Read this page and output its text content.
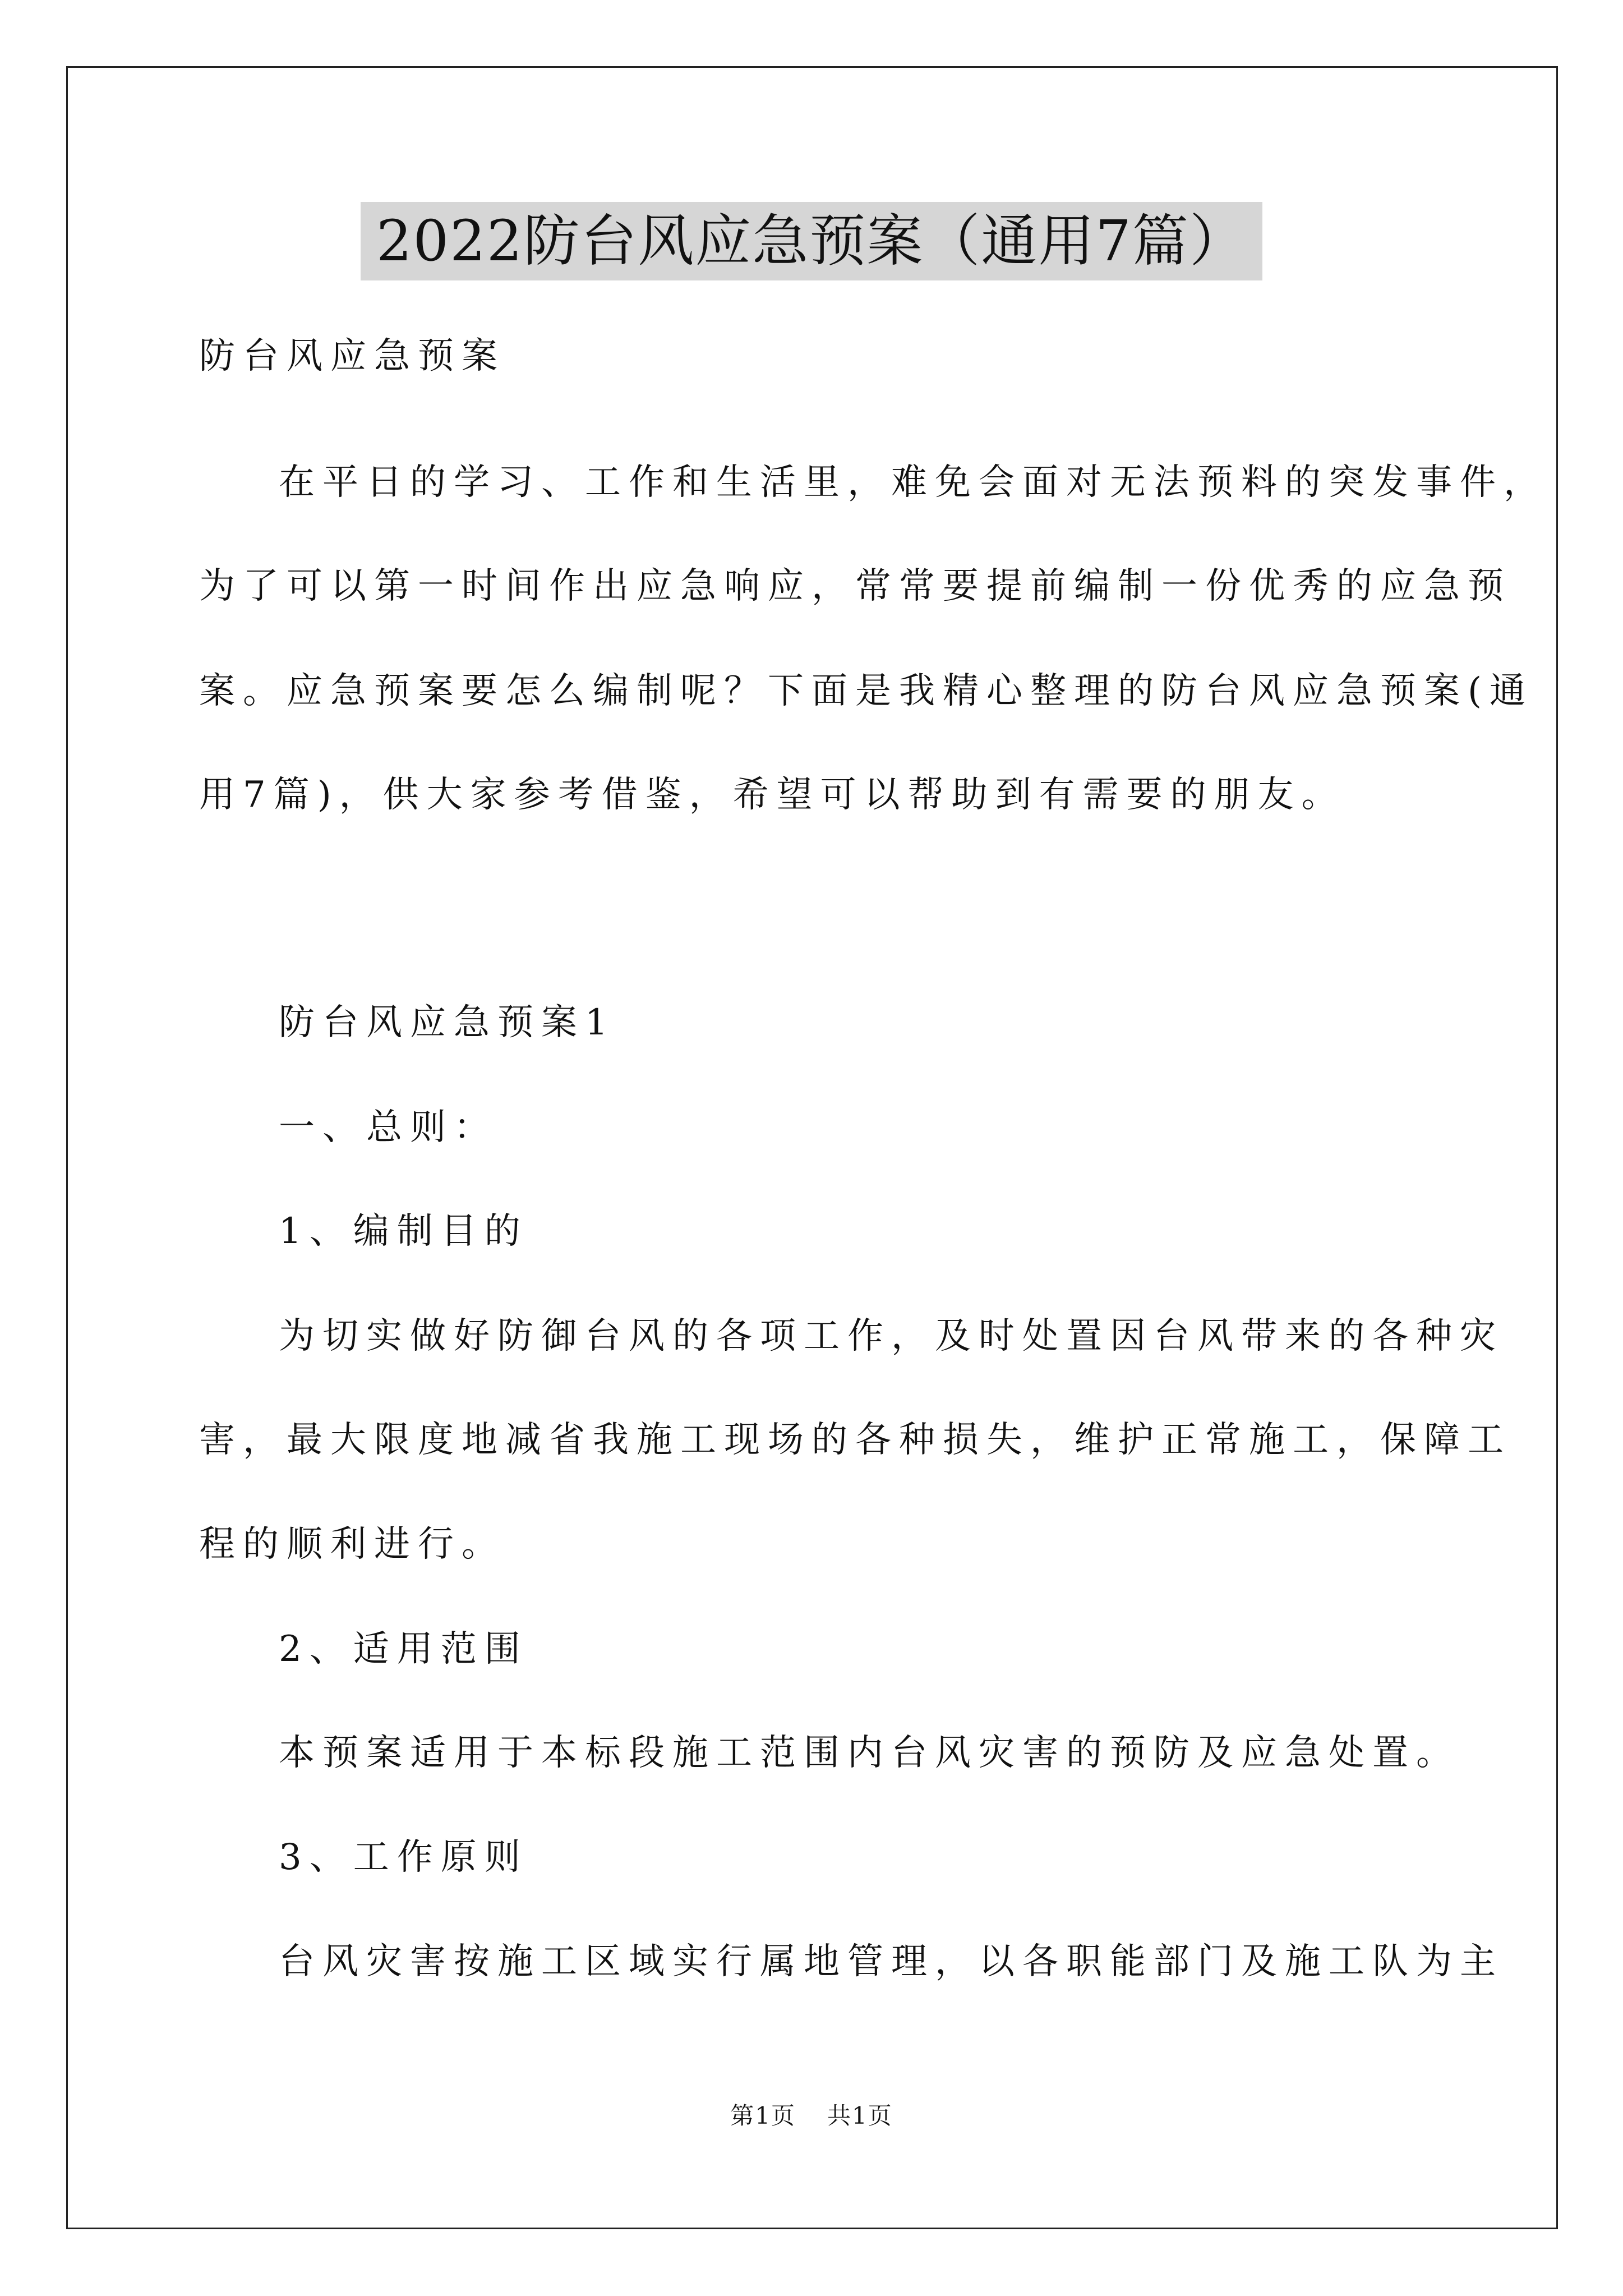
2022防台风应急预案（通用7篇）
防台风应急预案
在平日的学习、工作和生活里，难免会面对无法预料的突发事件，
为了可以第一时间作出应急响应，常常要提前编制一份优秀的应急预
案。应急预案要怎么编制呢？下面是我精心整理的防台风应急预案(通
用7篇)，供大家参考借鉴，希望可以帮助到有需要的朋友。
防台风应急预案1
一、总则：
1、编制目的
为切实做好防御台风的各项工作，及时处置因台风带来的各种灾
害，最大限度地减省我施工现场的各种损失，维护正常施工，保障工
程的顺利进行。
2、适用范围
本预案适用于本标段施工范围内台风灾害的预防及应急处置。
3、工作原则
台风灾害按施工区域实行属地管理，以各职能部门及施工队为主
第1页 共1页
